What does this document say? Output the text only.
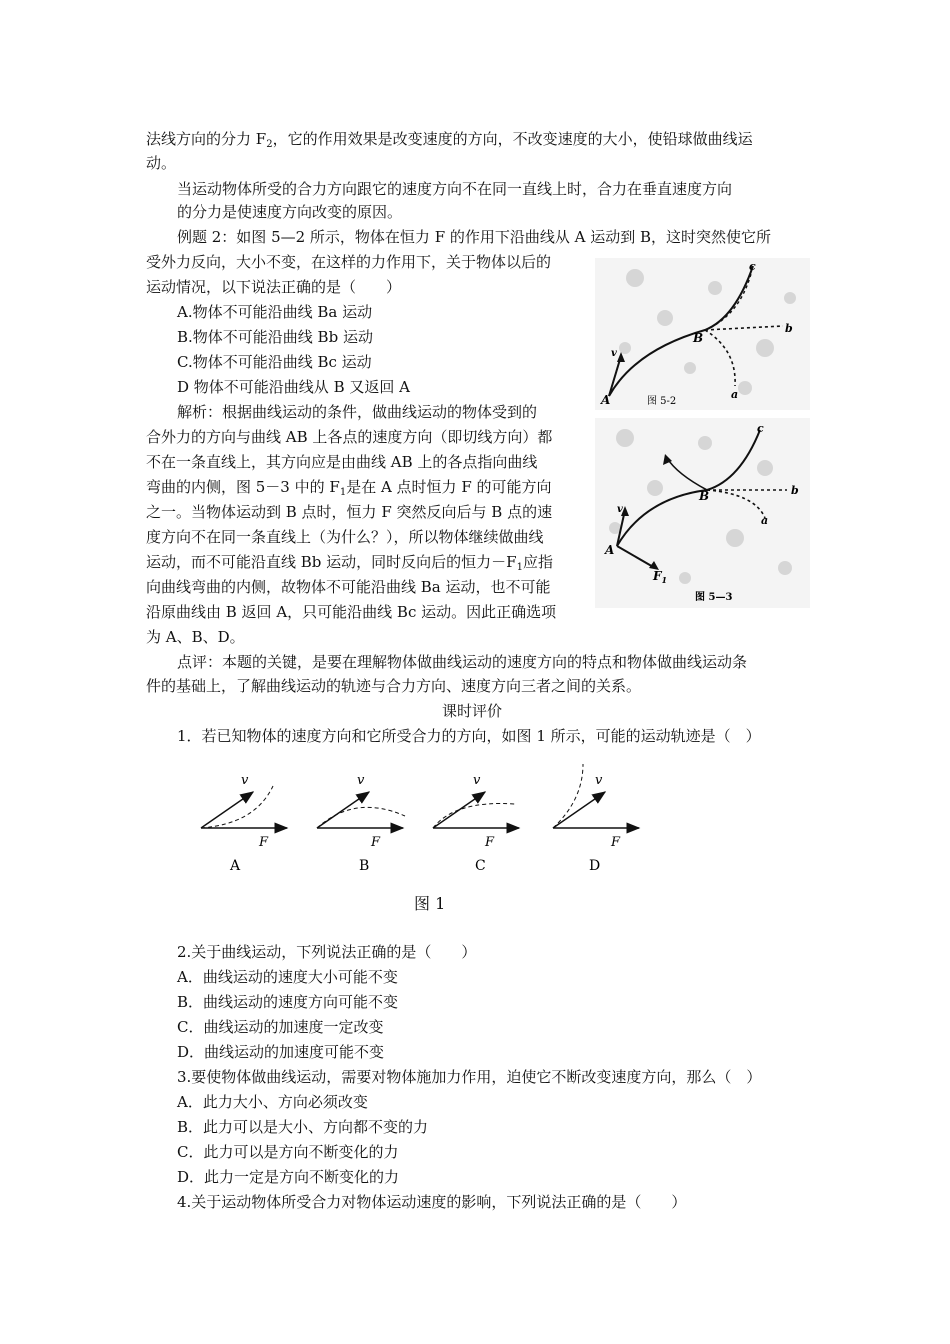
法线方向的分力 $F_2$，它的作用效果是改变速度的方向，不改变速度的大小，使铅球做曲线运
动。
当运动物体所受的合力方向跟它的速度方向不在同一直线上时，合力在垂直速度方向
的分力是使速度方向改变的原因。
例题 2：如图 5—2 所示，物体在恒力 F 的作用下沿曲线从 A 运动到 B，这时突然使它所
受外力反向，大小不变，在这样的力作用下，关于物体以后的
运动情况，以下说法正确的是（　　）
A.物体不可能沿曲线 Ba 运动
B.物体不可能沿曲线 Bb 运动
C.物体不可能沿曲线 Bc 运动
D 物体不可能沿曲线从 B 又返回 A
解析：根据曲线运动的条件，做曲线运动的物体受到的
合外力的方向与曲线 AB 上各点的速度方向（即切线方向）都
不在一条直线上，其方向应是由曲线 AB 上的各点指向曲线
弯曲的内侧，图 5－3 中的 $F_1$是在 A 点时恒力 F 的可能方向
之一。当物体运动到 B 点时，恒力 F 突然反向后与 B 点的速
度方向不在同一条直线上（为什么？），所以物体继续做曲线
运动，而不可能沿直线 Bb 运动，同时反向后的恒力$-F_1$应指
向曲线弯曲的内侧，故物体不可能沿曲线 Ba 运动，也不可能
沿原曲线由 B 返回 A，只可能沿曲线 Bc 运动。因此正确选项
为 A、B、D。
v
A
B
b
a
c
图 5-2
v
A
B	b
a
c
$F_1$
图 5—3
点评：本题的关键，是要在理解物体做曲线运动的速度方向的特点和物体做曲线运动条
件的基础上，了解曲线运动的轨迹与合力方向、速度方向三者之间的关系。
课时评价
1．若已知物体的速度方向和它所受合力的方向，如图 1 所示，可能的运动轨迹是（　）
v
F
A
v
F
B
v
F
C
v
F
D
图 1
2.关于曲线运动，下列说法正确的是（　　）
A．曲线运动的速度大小可能不变
B．曲线运动的速度方向可能不变
C．曲线运动的加速度一定改变
D．曲线运动的加速度可能不变
3.要使物体做曲线运动，需要对物体施加力作用，迫使它不断改变速度方向，那么（　）
A．此力大小、方向必须改变
B．此力可以是大小、方向都不变的力
C．此力可以是方向不断变化的力
D．此力一定是方向不断变化的力
4.关于运动物体所受合力对物体运动速度的影响，下列说法正确的是（　　）
